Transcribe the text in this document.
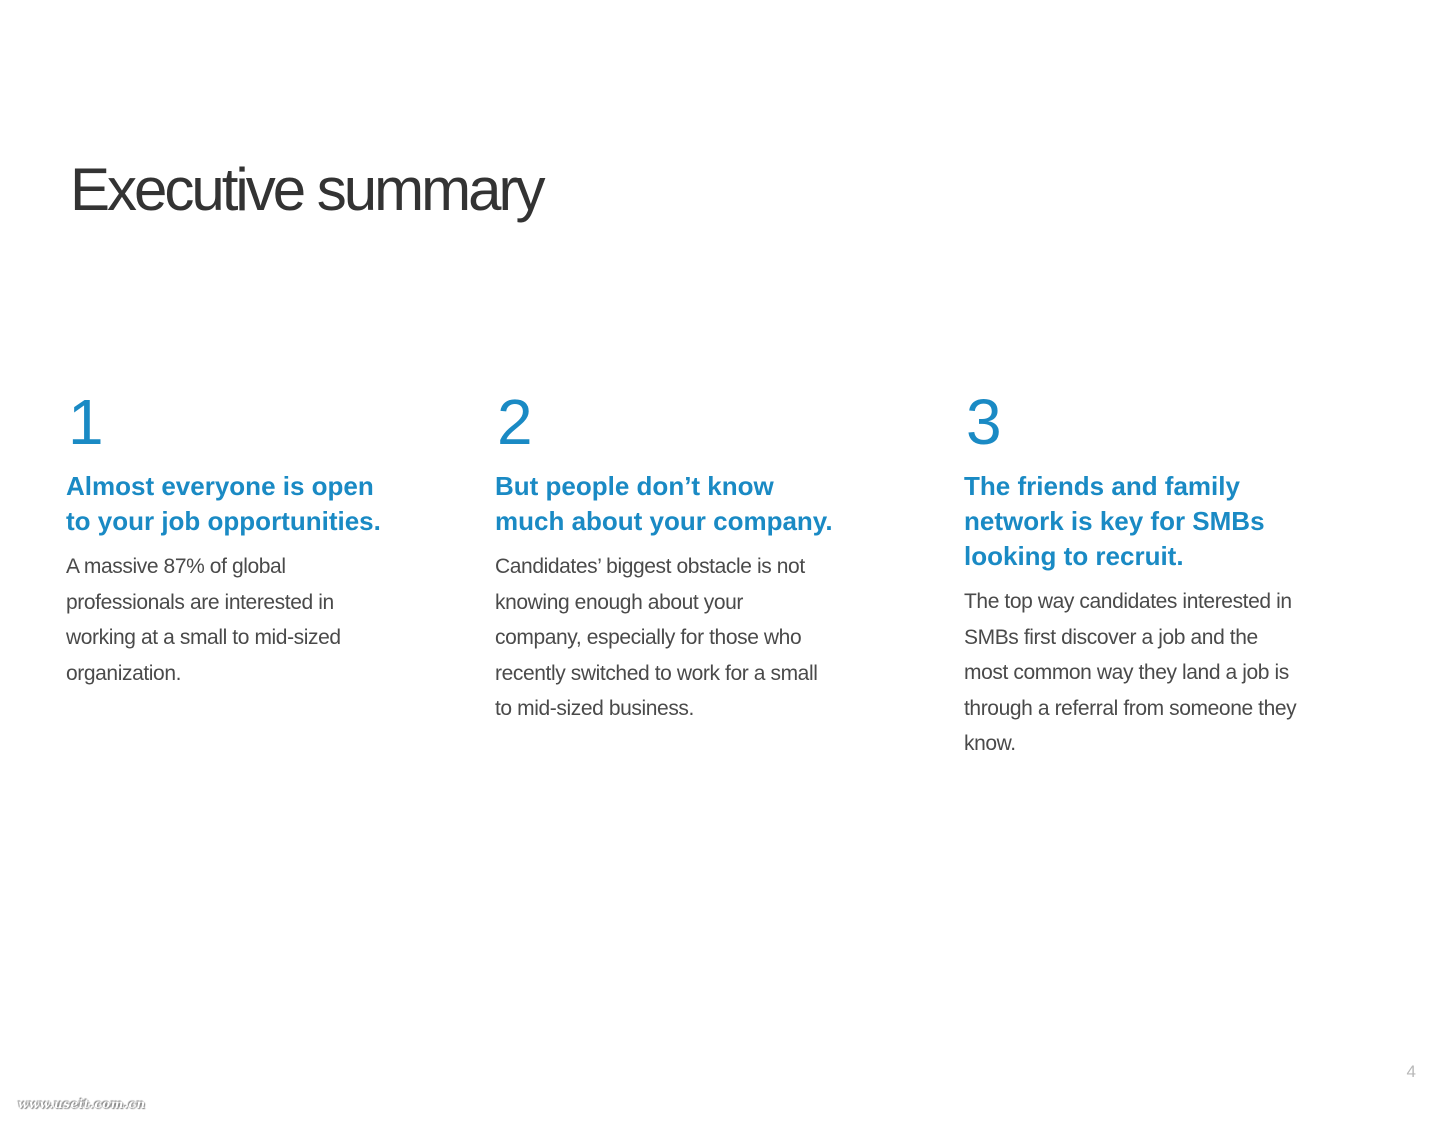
Executive summary
1
Almost everyone is open
to your job opportunities.

A massive 87% of global
professionals are interested in
working at a small to mid-sized
organization.

2
But people don’t know
much about your company.

Candidates’ biggest obstacle is not
knowing enough about your
company, especially for those who
recently switched to work for a small
to mid-sized business.

3
The friends and family
network is key for SMBs
looking to recruit.

The top way candidates interested in
SMBs first discover a job and the
most common way they land a job is
through a referral from someone they
know.

4
www.useit.com.cn
